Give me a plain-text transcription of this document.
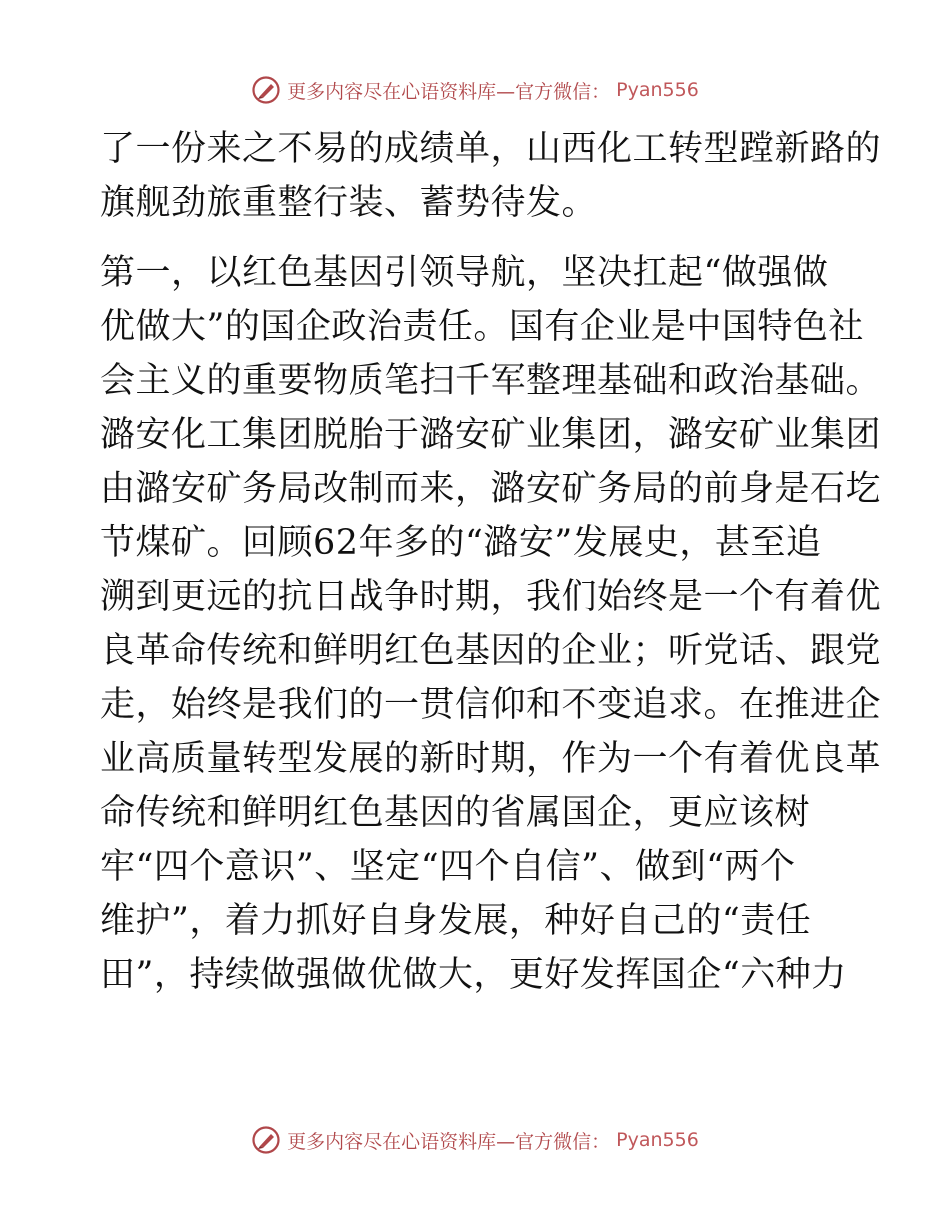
更多内容尽在心语资料库—官方微信： Pyan556
了一份来之不易的成绩单，山西化工转型蹚新路的
旗舰劲旅重整行装、蓄势待发。
第一，以红色基因引领导航，坚决扛起“做强做
优做大”的国企政治责任。国有企业是中国特色社
会主义的重要物质笔扫千军整理基础和政治基础。
潞安化工集团脱胎于潞安矿业集团，潞安矿业集团
由潞安矿务局改制而来，潞安矿务局的前身是石圪
节煤矿。回顾62年多的“潞安”发展史，甚至追
溯到更远的抗日战争时期，我们始终是一个有着优
良革命传统和鲜明红色基因的企业；听党话、跟党
走，始终是我们的一贯信仰和不变追求。在推进企
业高质量转型发展的新时期，作为一个有着优良革
命传统和鲜明红色基因的省属国企，更应该树
牢“四个意识”、坚定“四个自信”、做到“两个
维护”，着力抓好自身发展，种好自己的“责任
田”，持续做强做优做大，更好发挥国企“六种力
更多内容尽在心语资料库—官方微信： Pyan556
